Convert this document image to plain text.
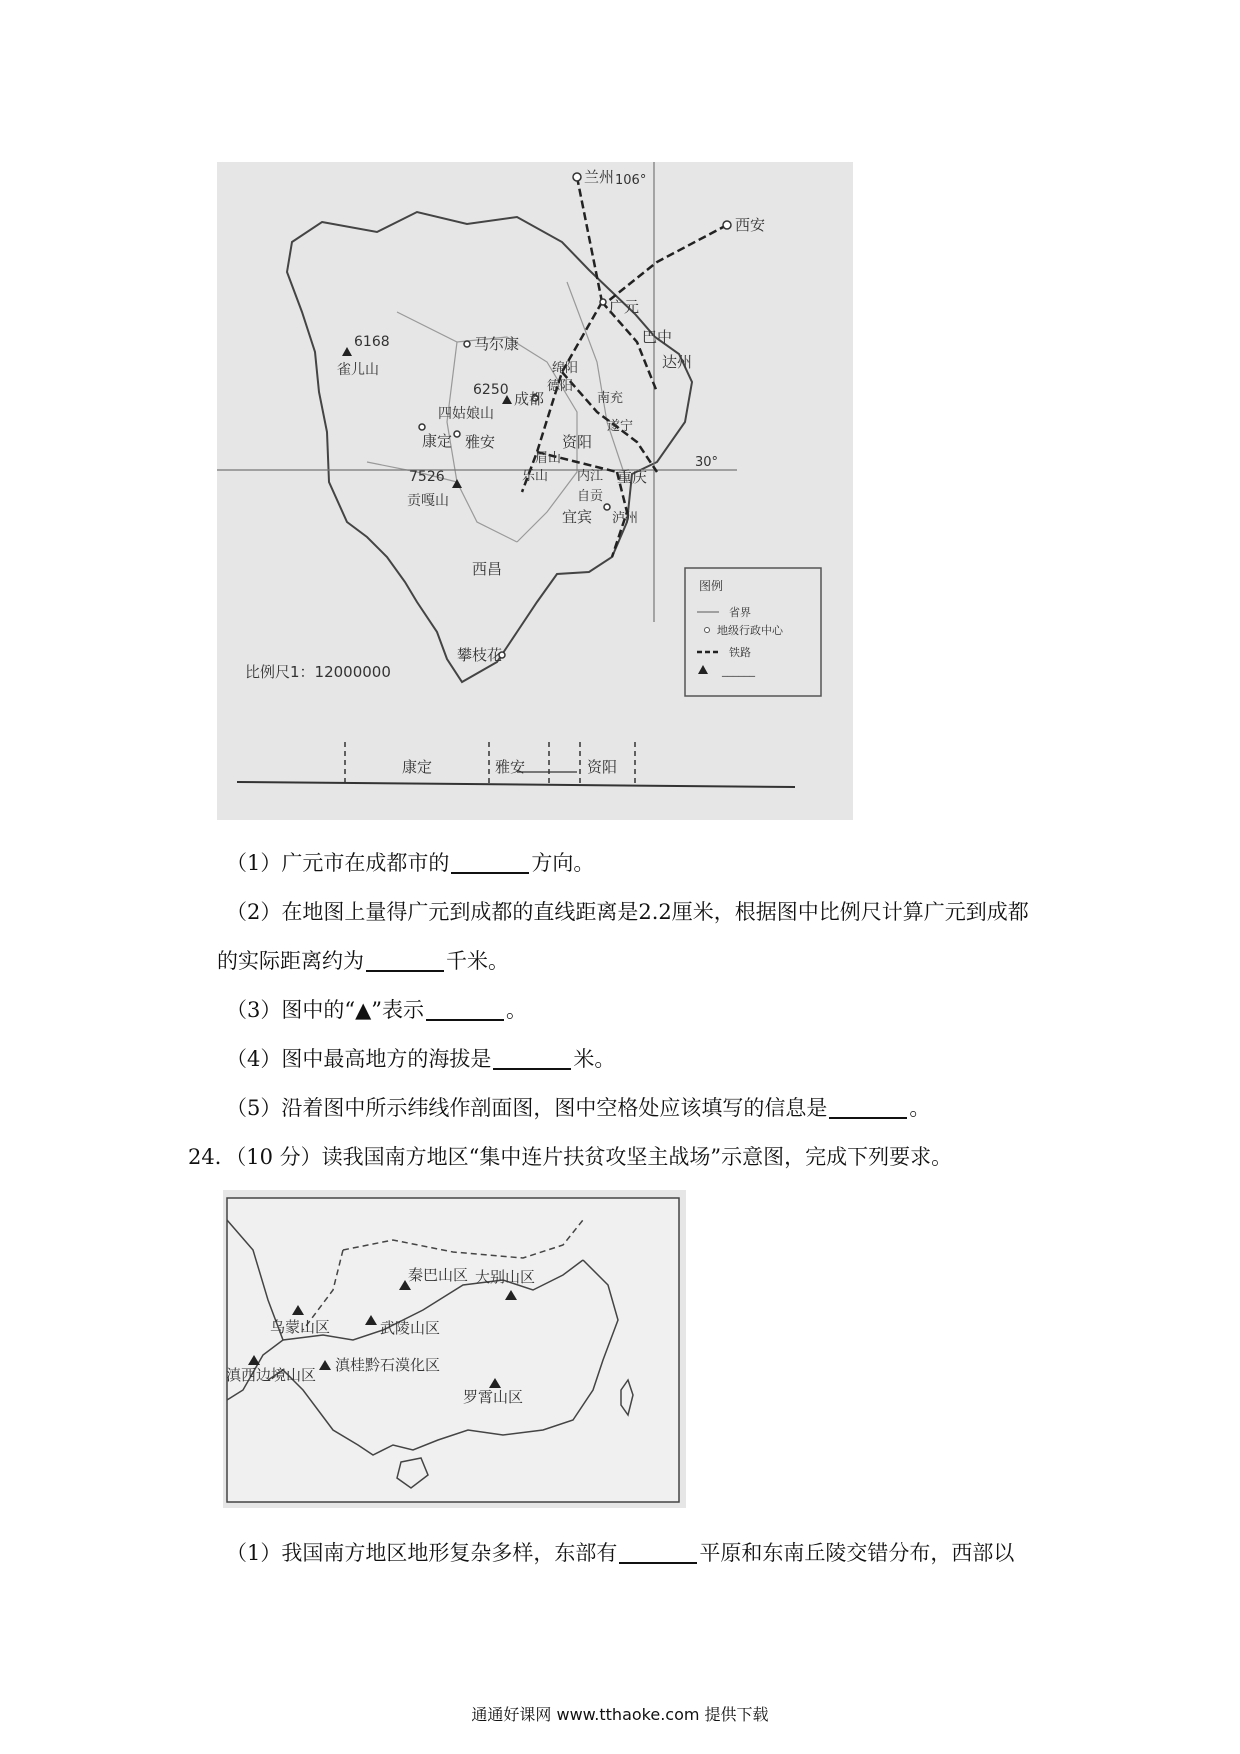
兰州
西安
106°
30°
广元
巴中
达州
绵阳
南充
德阳
遂宁
马尔康
成都
康定 雅安	资阳
眉山
乐山 内江
自贡
重庆
宜宾 泸州
西昌
攀枝花
6168
雀儿山
6250
四姑娘山
7526
贡嘎山
比例尺1：12000000
图例
省界
地级行政中心
铁路
______
康定	雅安	资阳
（1）广元市在成都市的	方向。
（2）在地图上量得广元到成都的直线距离是2.2厘米，根据图中比例尺计算广元到成都
的实际距离约为	千米。
（3）图中的“▲”表示	。
（4）图中最高地方的海拔是	米。
（5）沿着图中所示纬线作剖面图，图中空格处应该填写的信息是	。
24．（10 分）读我国南方地区“集中连片扶贫攻坚主战场”示意图，完成下列要求。
秦巴山区 大别山区
乌蒙山区	武陵山区
滇西边境山区
滇桂黔石漠化区
罗霄山区
（1）我国南方地区地形复杂多样，东部有	平原和东南丘陵交错分布，西部以
通通好课网 www.tthaoke.com 提供下载
